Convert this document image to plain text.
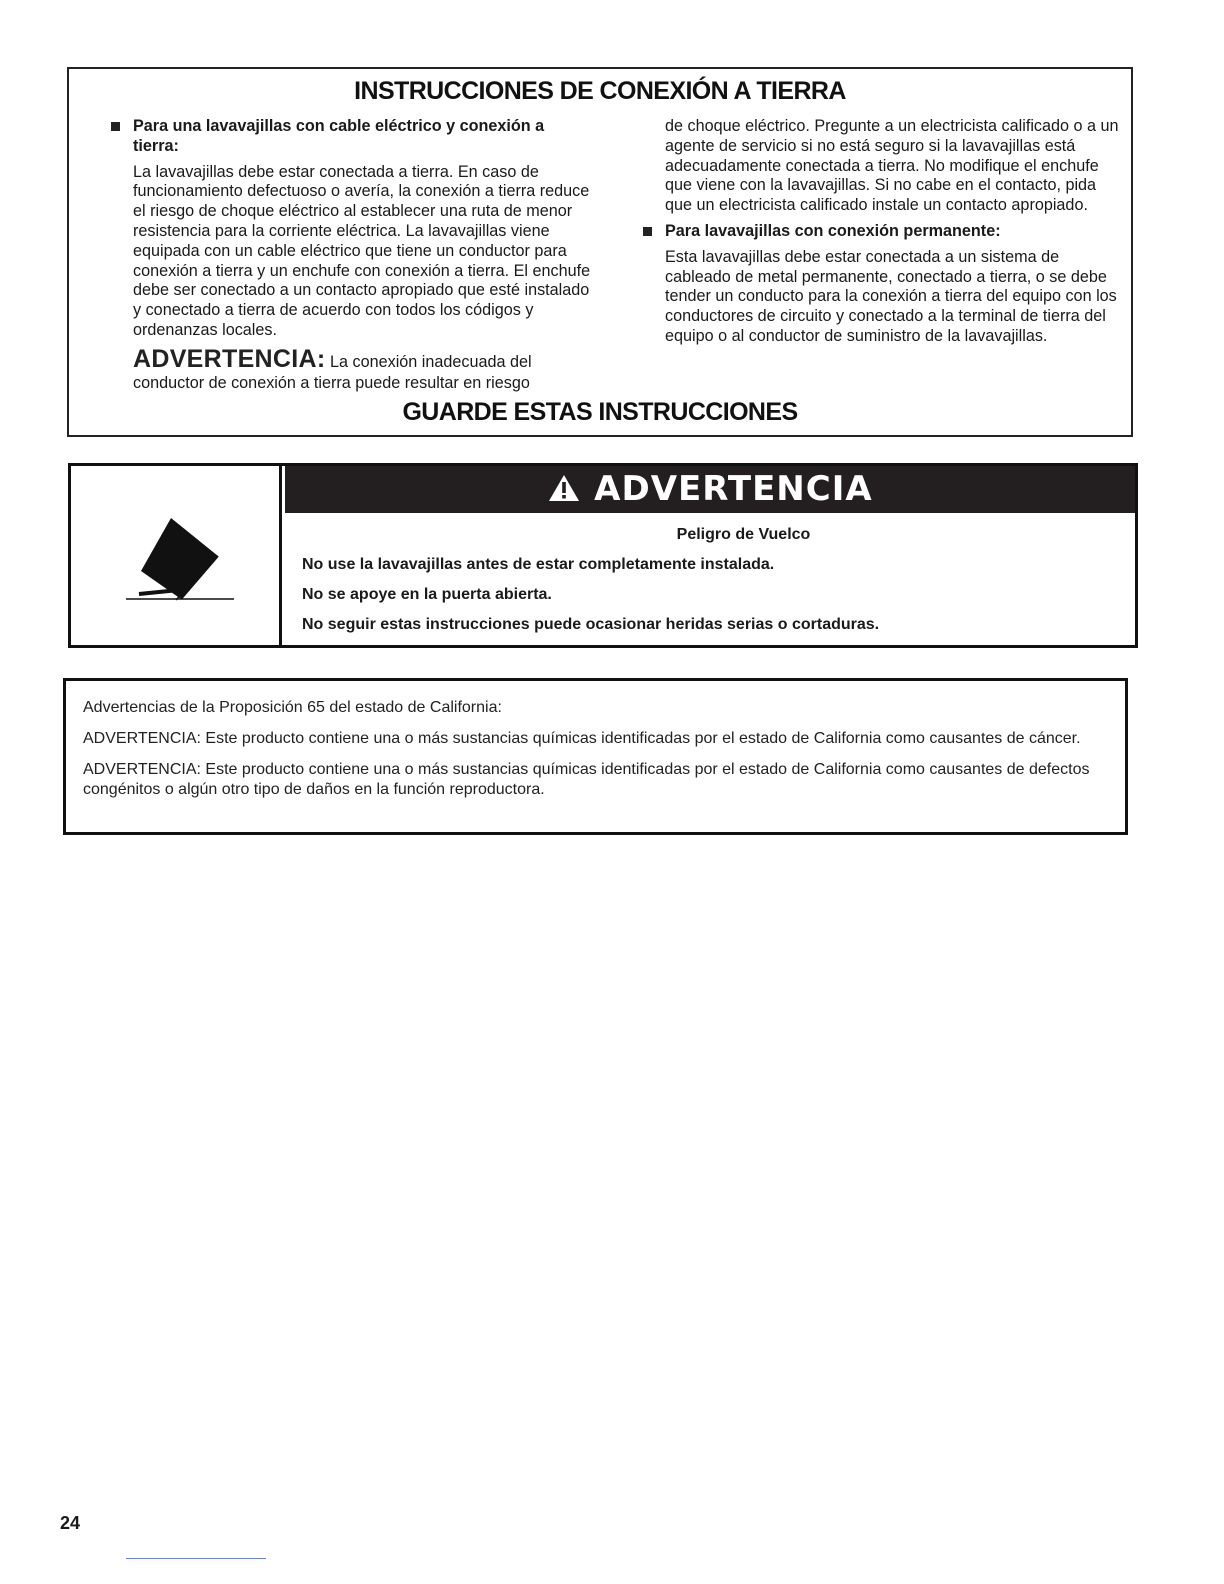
INSTRUCCIONES DE CONEXIÓN A TIERRA
Para una lavavajillas con cable eléctrico y conexión a tierra:
La lavavajillas debe estar conectada a tierra. En caso de funcionamiento defectuoso o avería, la conexión a tierra reduce el riesgo de choque eléctrico al establecer una ruta de menor resistencia para la corriente eléctrica. La lavavajillas viene equipada con un cable eléctrico que tiene un conductor para conexión a tierra y un enchufe con conexión a tierra. El enchufe debe ser conectado a un contacto apropiado que esté instalado y conectado a tierra de acuerdo con todos los códigos y ordenanzas locales.
ADVERTENCIA: La conexión inadecuada del conductor de conexión a tierra puede resultar en riesgo
de choque eléctrico. Pregunte a un electricista calificado o a un agente de servicio si no está seguro si la lavavajillas está adecuadamente conectada a tierra. No modifique el enchufe que viene con la lavavajillas. Si no cabe en el contacto, pida que un electricista calificado instale un contacto apropiado.
Para lavavajillas con conexión permanente:
Esta lavavajillas debe estar conectada a un sistema de cableado de metal permanente, conectado a tierra, o se debe tender un conducto para la conexión a tierra del equipo con los conductores de circuito y conectado a la terminal de tierra del equipo o al conductor de suministro de la lavavajillas.
GUARDE ESTAS INSTRUCCIONES
ADVERTENCIA
Peligro de Vuelco
No use la lavavajillas antes de estar completamente instalada.
No se apoye en la puerta abierta.
No seguir estas instrucciones puede ocasionar heridas serias o cortaduras.

Advertencias de la Proposición 65 del estado de California:

ADVERTENCIA: Este producto contiene una o más sustancias químicas identificadas por el estado de California como causantes de cáncer.

ADVERTENCIA: Este producto contiene una o más sustancias químicas identificadas por el estado de California como causantes de defectos congénitos o algún otro tipo de daños en la función reproductora.

24
